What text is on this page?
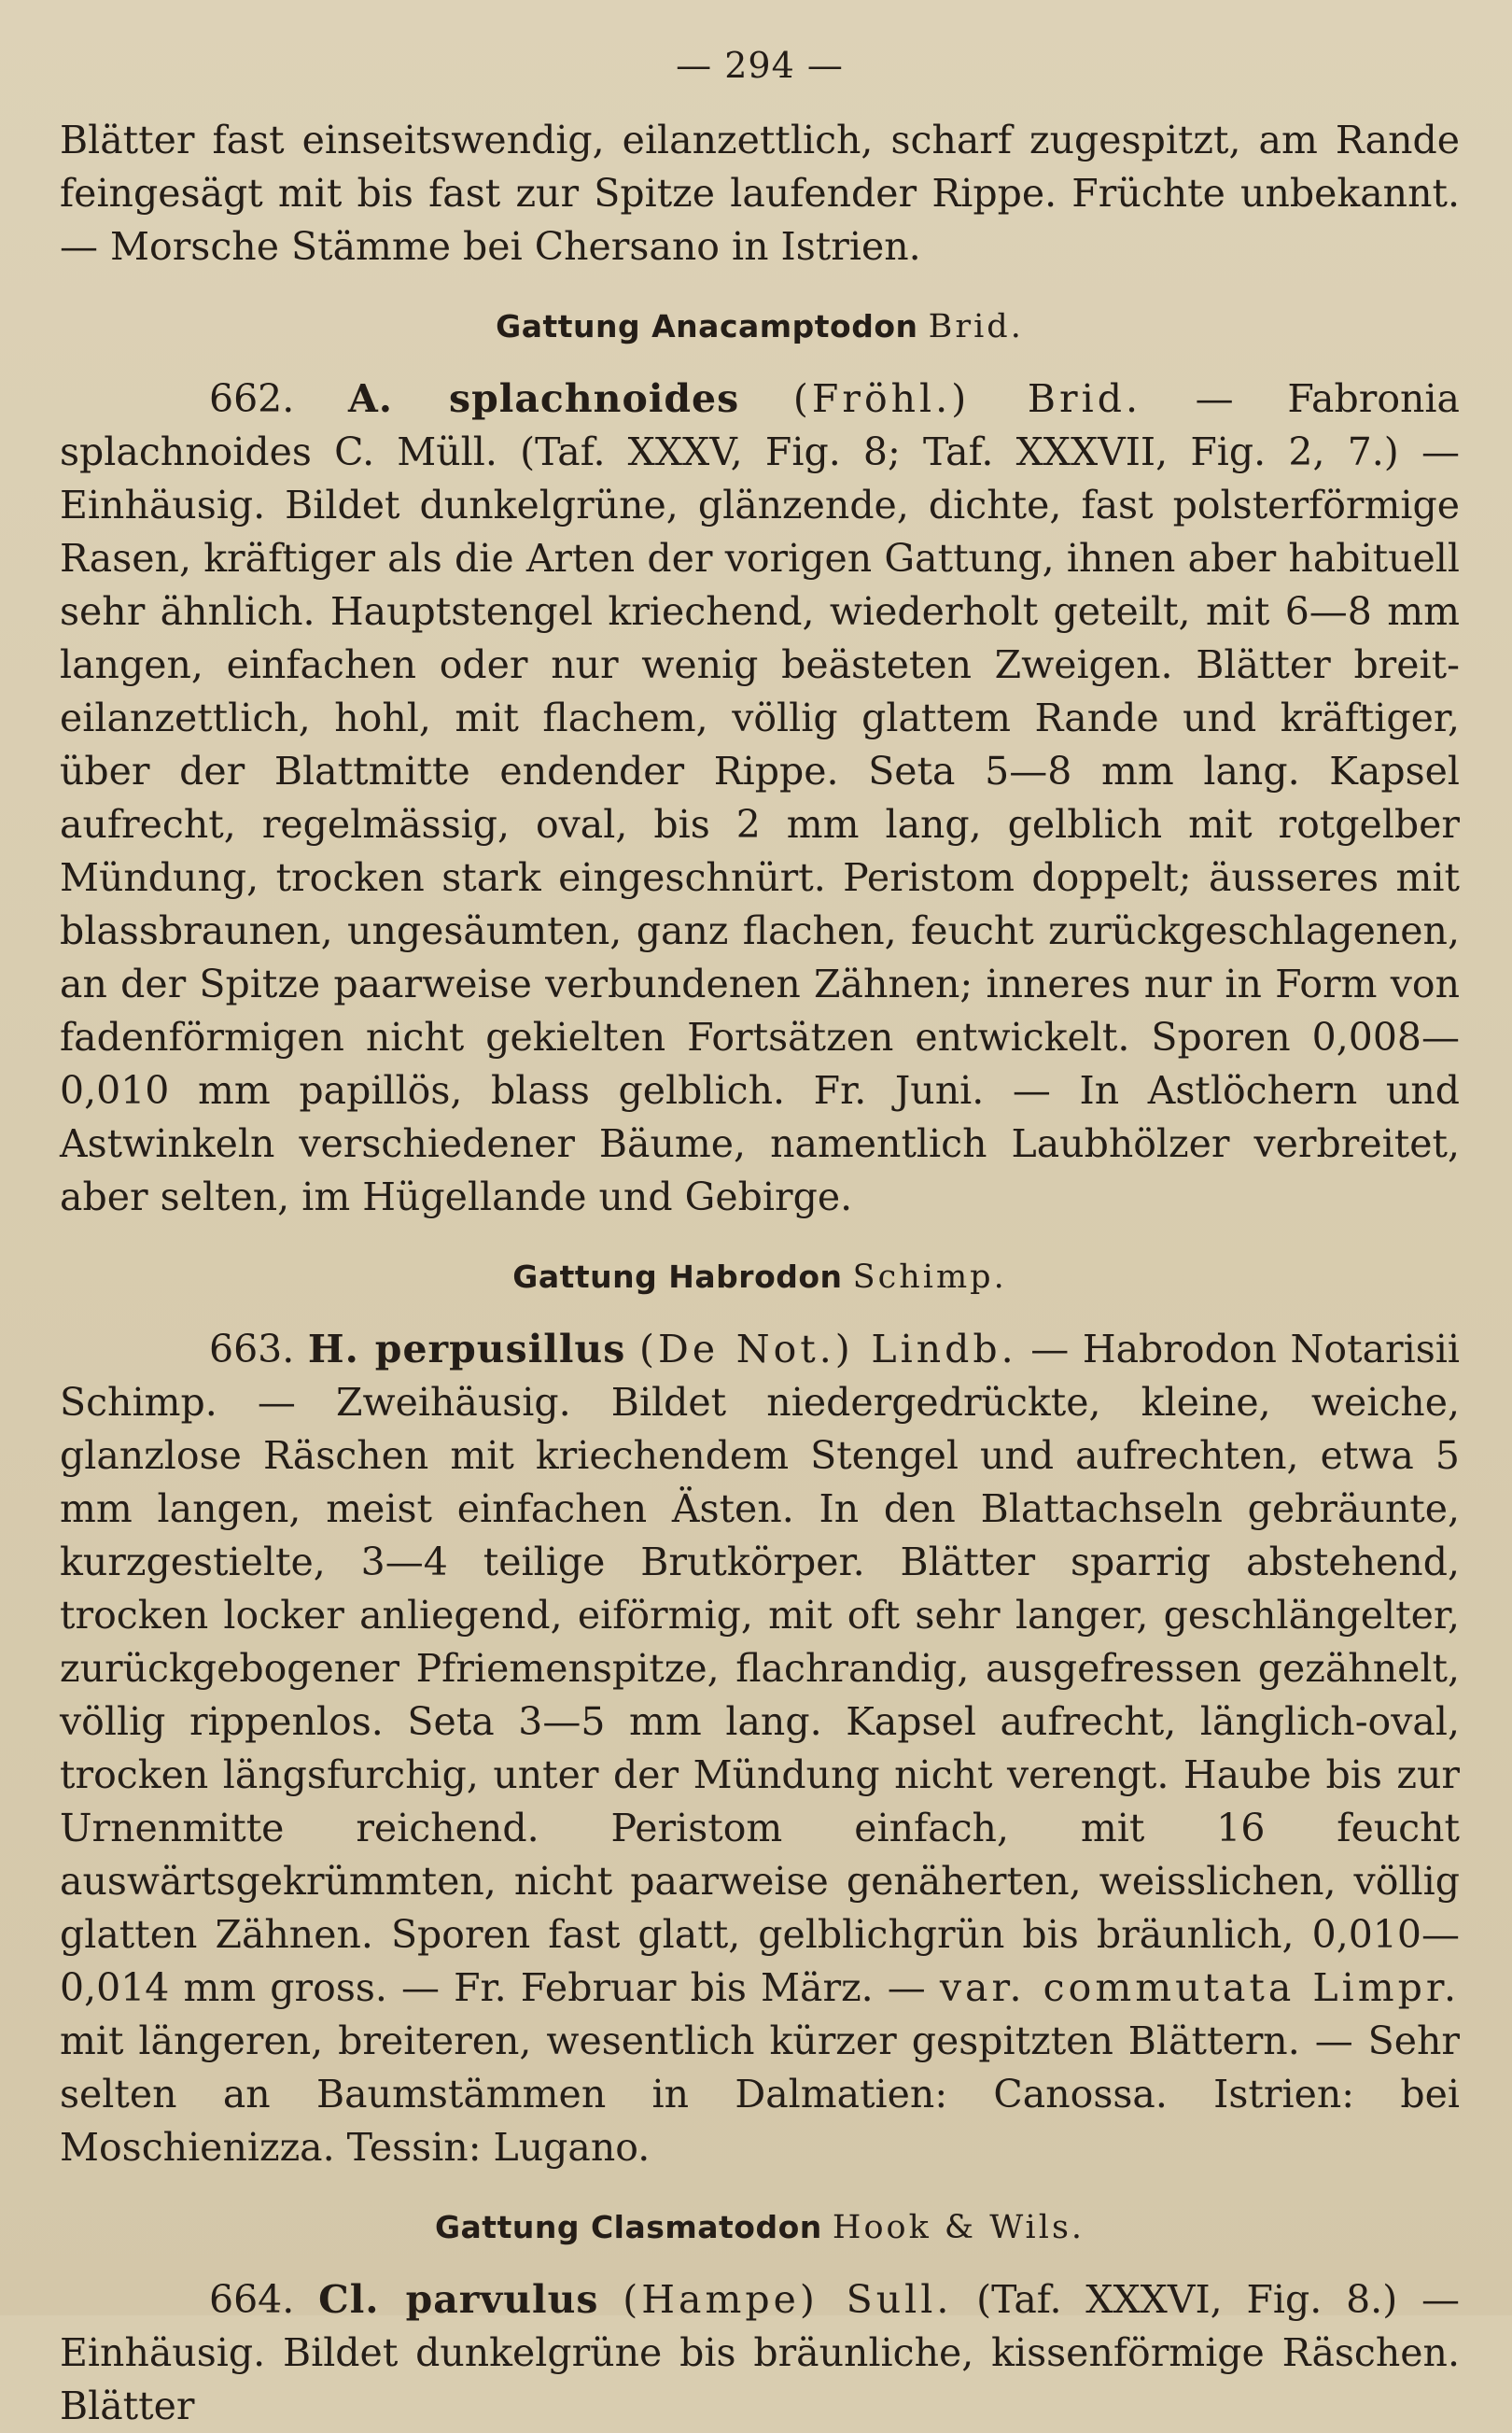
— 294 —

Blätter fast einseitswendig, eilanzettlich, scharf zugespitzt, am Rande feingesägt mit bis fast zur Spitze laufender Rippe. Früchte unbekannt. — Morsche Stämme bei Chersano in Istrien.

Gattung Anacamptodon Brid.

662. A. splachnoides (Fröhl.) Brid. — Fabronia splachnoides C. Müll. (Taf. XXXV, Fig. 8; Taf. XXXVII, Fig. 2, 7.) — Einhäusig. Bildet dunkelgrüne, glänzende, dichte, fast polsterförmige Rasen, kräftiger als die Arten der vorigen Gattung, ihnen aber habituell sehr ähnlich. Hauptstengel kriechend, wiederholt geteilt, mit 6—8 mm langen, einfachen oder nur wenig beästeten Zweigen. Blätter breit-eilanzettlich, hohl, mit flachem, völlig glattem Rande und kräftiger, über der Blattmitte endender Rippe. Seta 5—8 mm lang. Kapsel aufrecht, regelmässig, oval, bis 2 mm lang, gelblich mit rotgelber Mündung, trocken stark eingeschnürt. Peristom doppelt; äusseres mit blassbraunen, ungesäumten, ganz flachen, feucht zurückgeschlagenen, an der Spitze paarweise verbundenen Zähnen; inneres nur in Form von fadenförmigen nicht gekielten Fortsätzen entwickelt. Sporen 0,008—0,010 mm papillös, blass gelblich. Fr. Juni. — In Astlöchern und Astwinkeln verschiedener Bäume, namentlich Laubhölzer verbreitet, aber selten, im Hügellande und Gebirge.

Gattung Habrodon Schimp.

663. H. perpusillus (De Not.) Lindb. — Habrodon Notarisii Schimp. — Zweihäusig. Bildet niedergedrückte, kleine, weiche, glanzlose Räschen mit kriechendem Stengel und aufrechten, etwa 5 mm langen, meist einfachen Ästen. In den Blattachseln gebräunte, kurzgestielte, 3—4 teilige Brutkörper. Blätter sparrig abstehend, trocken locker anliegend, eiförmig, mit oft sehr langer, geschlängelter, zurückgebogener Pfriemenspitze, flachrandig, ausgefressen gezähnelt, völlig rippenlos. Seta 3—5 mm lang. Kapsel aufrecht, länglich-oval, trocken längsfurchig, unter der Mündung nicht verengt. Haube bis zur Urnenmitte reichend. Peristom einfach, mit 16 feucht auswärtsgekrümmten, nicht paarweise genäherten, weisslichen, völlig glatten Zähnen. Sporen fast glatt, gelblichgrün bis bräunlich, 0,010—0,014 mm gross. — Fr. Februar bis März. — var. commutata Limpr. mit längeren, breiteren, wesentlich kürzer gespitzten Blättern. — Sehr selten an Baumstämmen in Dalmatien: Canossa. Istrien: bei Moschienizza. Tessin: Lugano.

Gattung Clasmatodon Hook & Wils.

664. Cl. parvulus (Hampe) Sull. (Taf. XXXVI, Fig. 8.) — Einhäusig. Bildet dunkelgrüne bis bräunliche, kissenförmige Räschen. Blätter
